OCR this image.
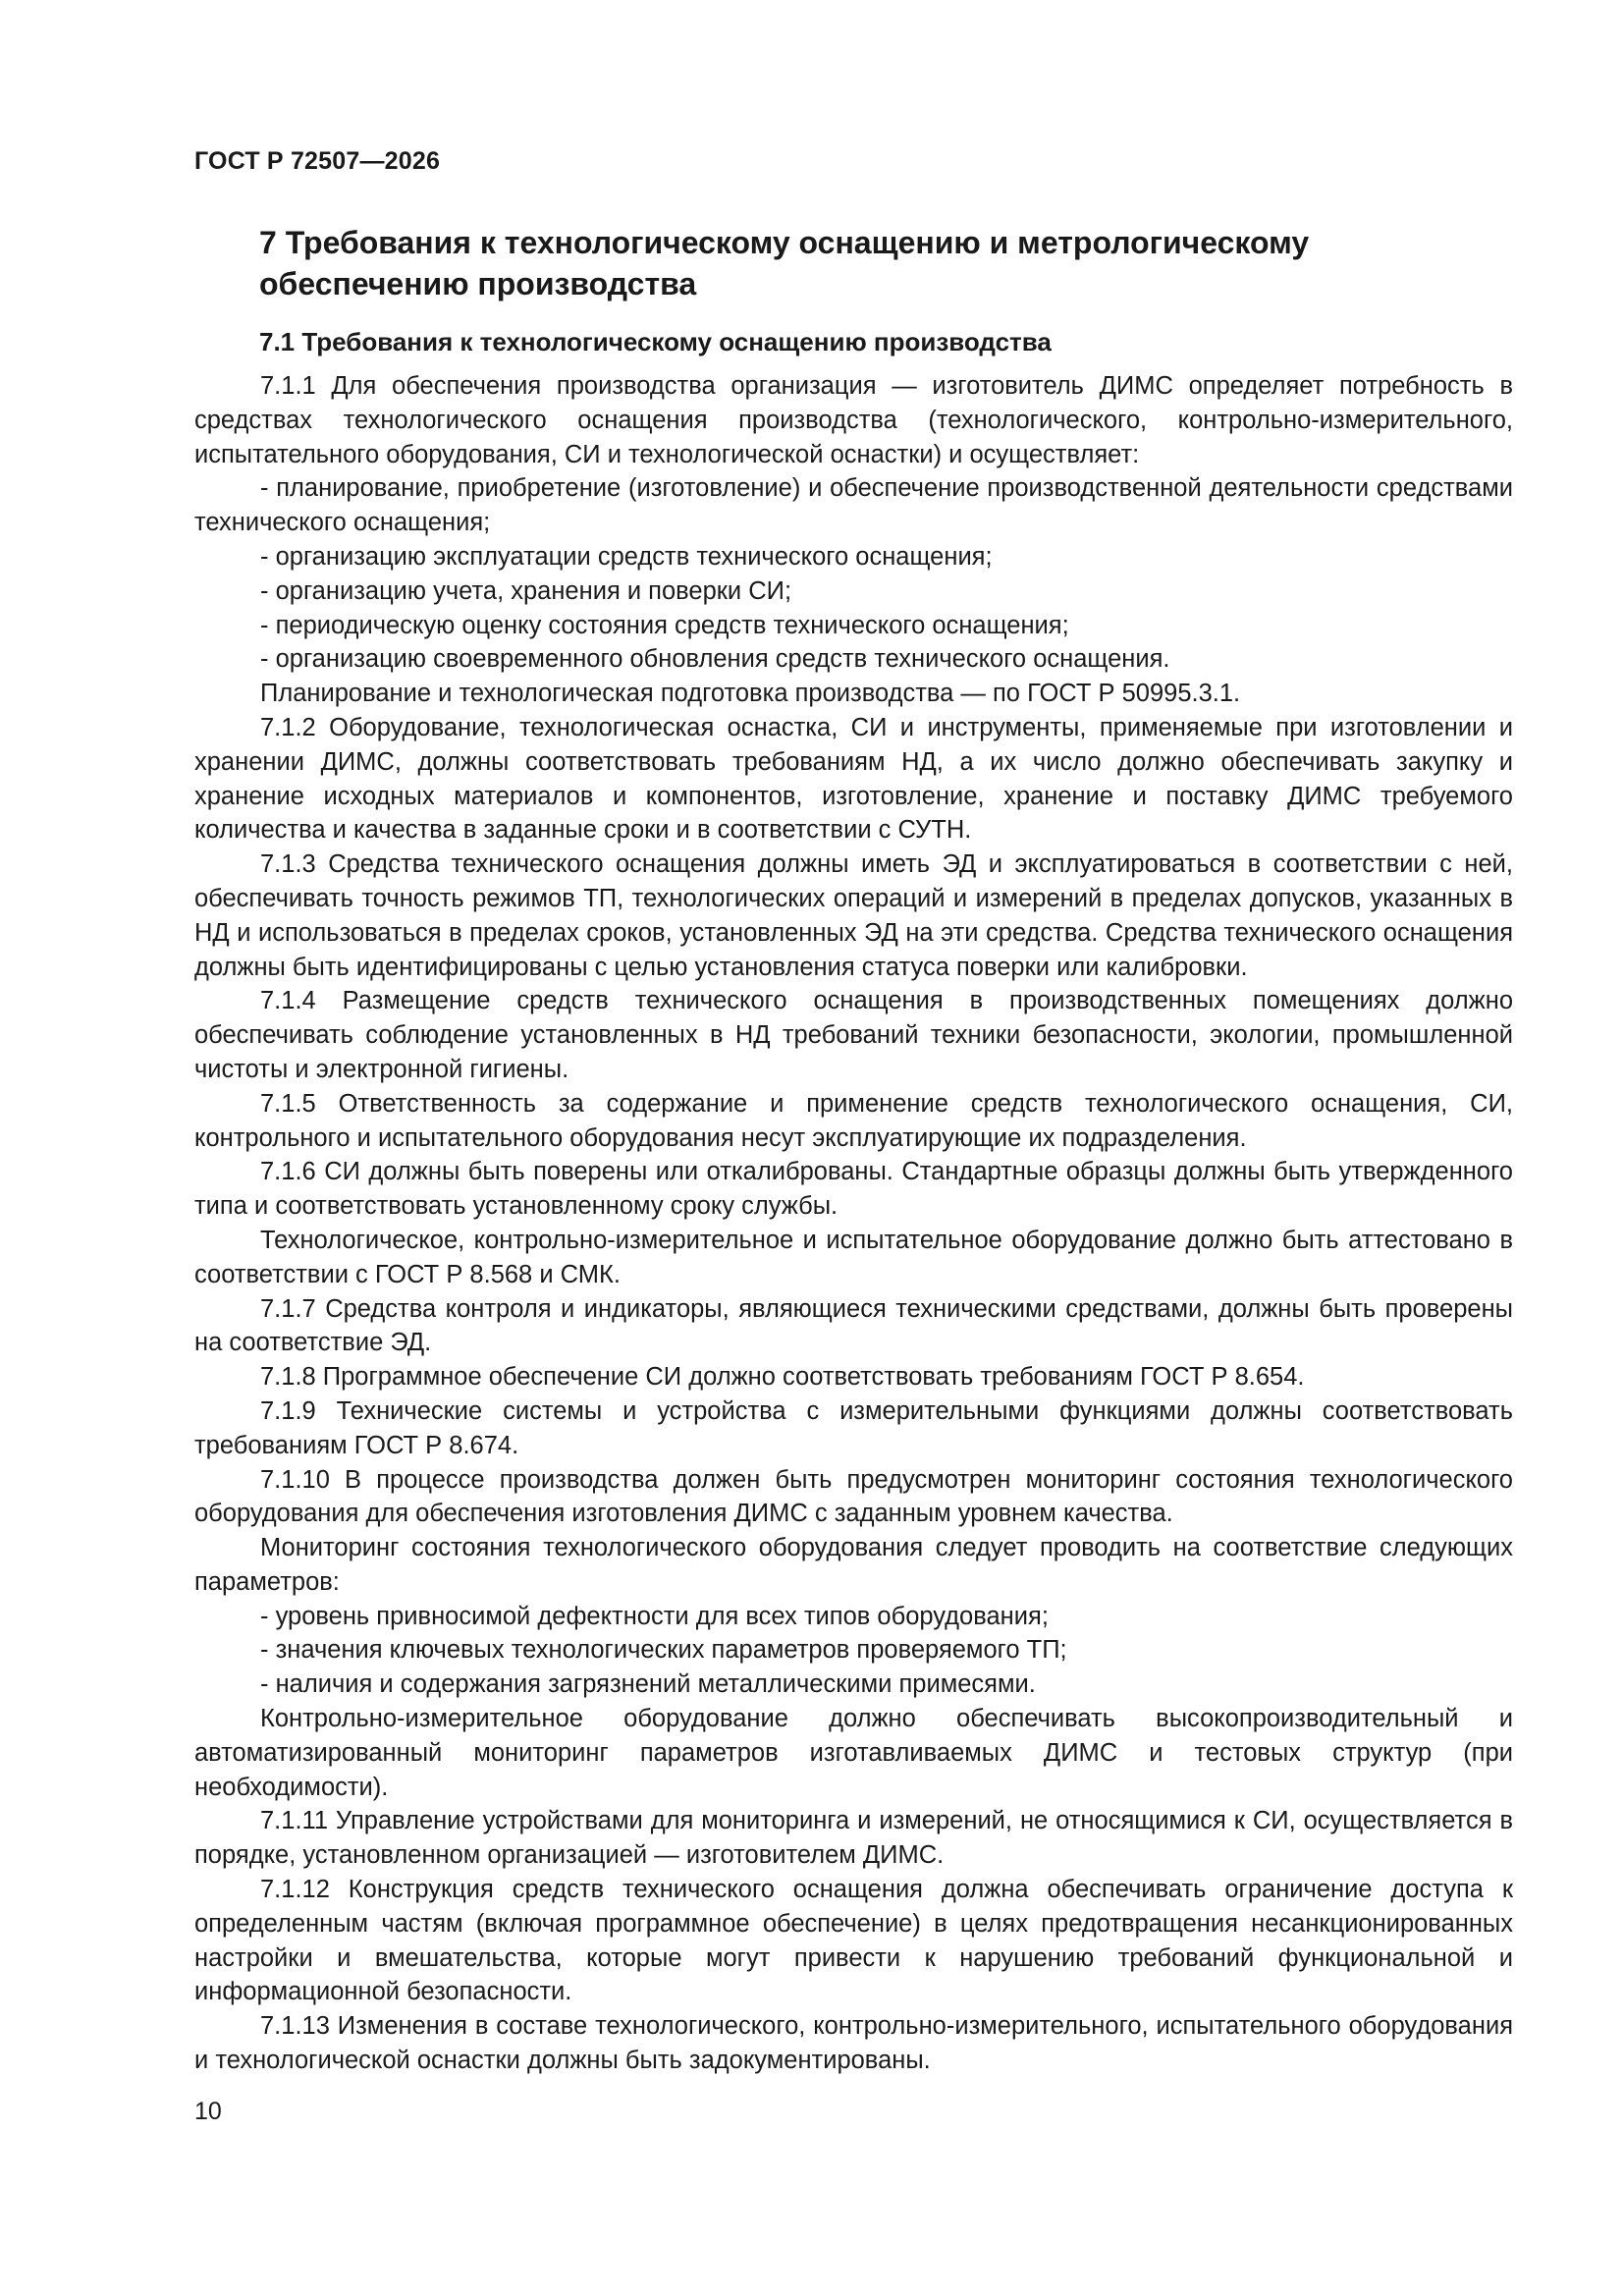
ГОСТ Р 72507—2026
7 Требования к технологическому оснащению и метрологическому обеспечению производства
7.1 Требования к технологическому оснащению производства

7.1.1 Для обеспечения производства организация — изготовитель ДИМС определяет потребность в средствах технологического оснащения производства (технологического, контрольно-измерительного, испытательного оборудования, СИ и технологической оснастки) и осуществляет:

- планирование, приобретение (изготовление) и обеспечение производственной деятельности средствами технического оснащения;

- организацию эксплуатации средств технического оснащения;

- организацию учета, хранения и поверки СИ;

- периодическую оценку состояния средств технического оснащения;

- организацию своевременного обновления средств технического оснащения.

Планирование и технологическая подготовка производства — по ГОСТ Р 50995.3.1.

7.1.2 Оборудование, технологическая оснастка, СИ и инструменты, применяемые при изготовлении и хранении ДИМС, должны соответствовать требованиям НД, а их число должно обеспечивать закупку и хранение исходных материалов и компонентов, изготовление, хранение и поставку ДИМС требуемого количества и качества в заданные сроки и в соответствии с СУТН.

7.1.3 Средства технического оснащения должны иметь ЭД и эксплуатироваться в соответствии с ней, обеспечивать точность режимов ТП, технологических операций и измерений в пределах допусков, указанных в НД и использоваться в пределах сроков, установленных ЭД на эти средства. Средства технического оснащения должны быть идентифицированы с целью установления статуса поверки или калибровки.

7.1.4 Размещение средств технического оснащения в производственных помещениях должно обеспечивать соблюдение установленных в НД требований техники безопасности, экологии, промышленной чистоты и электронной гигиены.

7.1.5 Ответственность за содержание и применение средств технологического оснащения, СИ, контрольного и испытательного оборудования несут эксплуатирующие их подразделения.

7.1.6 СИ должны быть поверены или откалиброваны. Стандартные образцы должны быть утвержденного типа и соответствовать установленному сроку службы.

Технологическое, контрольно-измерительное и испытательное оборудование должно быть аттестовано в соответствии с ГОСТ Р 8.568 и СМК.

7.1.7 Средства контроля и индикаторы, являющиеся техническими средствами, должны быть проверены на соответствие ЭД.

7.1.8 Программное обеспечение СИ должно соответствовать требованиям ГОСТ Р 8.654.

7.1.9 Технические системы и устройства с измерительными функциями должны соответствовать требованиям ГОСТ Р 8.674.

7.1.10 В процессе производства должен быть предусмотрен мониторинг состояния технологического оборудования для обеспечения изготовления ДИМС с заданным уровнем качества.

Мониторинг состояния технологического оборудования следует проводить на соответствие следующих параметров:

- уровень привносимой дефектности для всех типов оборудования;

- значения ключевых технологических параметров проверяемого ТП;

- наличия и содержания загрязнений металлическими примесями.

Контрольно-измерительное оборудование должно обеспечивать высокопроизводительный и автоматизированный мониторинг параметров изготавливаемых ДИМС и тестовых структур (при необходимости).

7.1.11 Управление устройствами для мониторинга и измерений, не относящимися к СИ, осуществляется в порядке, установленном организацией — изготовителем ДИМС.

7.1.12 Конструкция средств технического оснащения должна обеспечивать ограничение доступа к определенным частям (включая программное обеспечение) в целях предотвращения несанкционированных настройки и вмешательства, которые могут привести к нарушению требований функциональной и информационной безопасности.

7.1.13 Изменения в составе технологического, контрольно-измерительного, испытательного оборудования и технологической оснастки должны быть задокументированы.

10
